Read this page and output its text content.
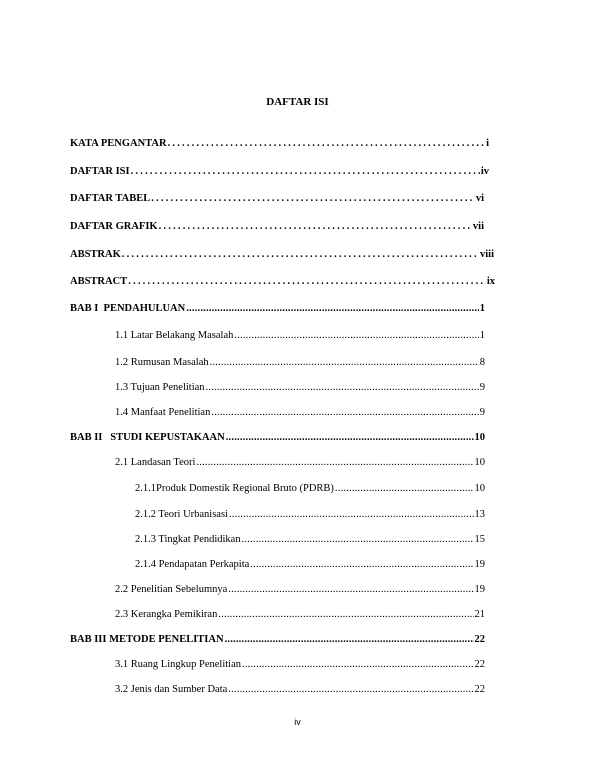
DAFTAR ISI
KATA PENGANTAR .....	i
DAFTAR ISI .....	iv
DAFTAR TABEL .....	vi
DAFTAR GRAFIK .....	vii
ABSTRAK .....	viii
ABSTRACT .....	ix
BAB I  PENDAHULUAN .....	1
1.1 Latar Belakang Masalah .....	1
1.2 Rumusan Masalah .....	8
1.3 Tujuan Penelitian .....	9
1.4 Manfaat Penelitian .....	9
BAB II   STUDI KEPUSTAKAAN .....	10
2.1 Landasan Teori .....	10
2.1.1Produk Domestik Regional Bruto (PDRB) .....	10
2.1.2 Teori Urbanisasi .....	13
2.1.3 Tingkat Pendidikan .....	15
2.1.4 Pendapatan Perkapita .....	19
2.2 Penelitian Sebelumnya .....	19
2.3 Kerangka Pemikiran .....	21
BAB III METODE PENELITIAN .....	22
3.1 Ruang Lingkup Penelitian .....	22
3.2 Jenis dan Sumber Data .....	22
iv
